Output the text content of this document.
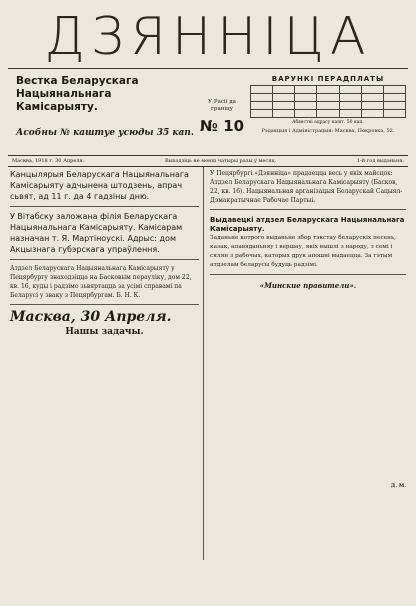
ДЗЯННІЦА
Вестка Беларускага Нацыянальнага Камісарыяту.
Асобны № каштуе усюды 35 кап.
У Расіі да граніцу
№ 10
ВАРУНКІ ПЕРАДПЛАТЫ

Абвесткі адрасу кашт. 50 кап.
Рэдакцыя і Адміністрацыя: Масква, Покровка, 52.
Масква, 1918 г. 30 Апреля.	Выходзіць не менш чатыры разы у месяц.	1-й год выданьня.

Канцылярыя Беларускага Нацыянальнага Камісарыяту адчынена штодзень, апрач сьвят, ад 11 г. да 4 гадзіны дню.

У Вітабску заложана філія Беларускага Нацыянальнага Камісарыяту. Камісарам назначан т. Я. Мартіноускі. Адрыс: дом Акцызнага губэрскага упраўлення.

Атдзел Беларускага Нацыянальнага Камісарыяту у Пецярбургу знаходзіцца на Басковым перауліку, дом 22, кв. 16, куды і радзімо зьвяртацца за усімі справамі па Беларусі у зваку з Пецярбургам. Б. Н. К.
Масква, 30 Апреля.
Нашы задачы.
У Пецярбургі «Дзянніца» прадаецца весь у якіх майсцох: Атдзел Беларускага Нацыянальнага Камісарыяту (Басков, 22, кв. 16). Нацыянальная арганізацыя Беларускай Сацыял-Дэмакратычнае Рабочае Партыі.
Выдавецкі атдзел Беларускага Нацыянальнага Камісарыяту.
Заданьне котрого выданьне збор тэкстау беларускіх песень, казак, апавяданьняу і вершау, якіх вышлі з народу, з семі і сялян з рабочых, каторых друк апошні выдаецца. За гэтым атдзелам беларусы будуць радзімі.
«Минские правители».
Д. М.
